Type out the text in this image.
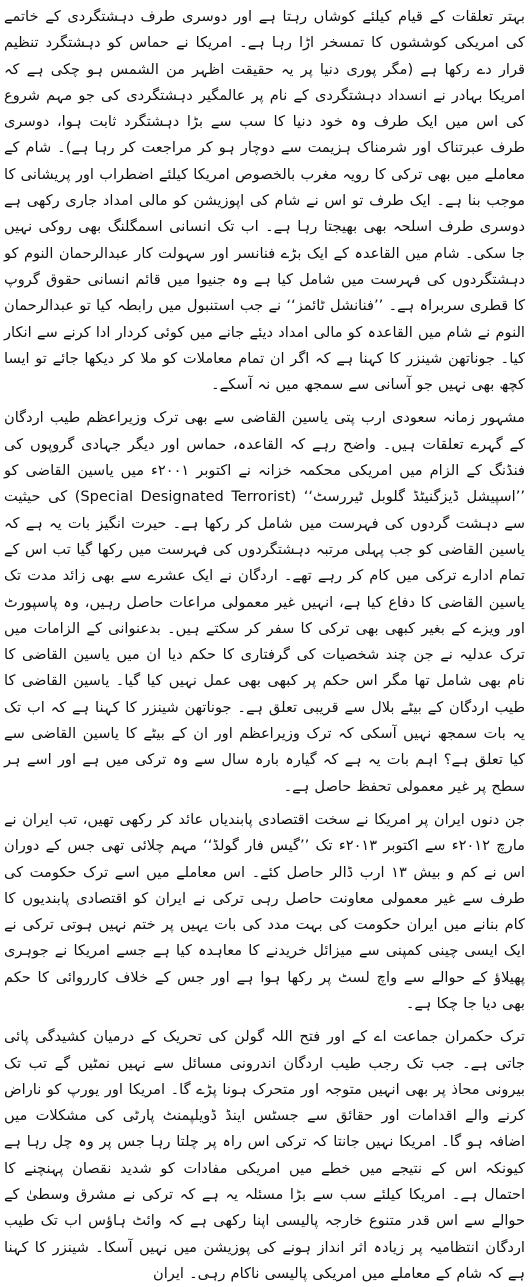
بہتر تعلقات کے قیام کیلئے کوشاں رہتا ہے اور دوسری طرف دہشتگردی کے خاتمے کی امریکی کوششوں کا تمسخر اڑا رہا ہے۔ امریکا نے حماس کو دہشتگرد تنظیم قرار دے رکھا ہے (مگر پوری دنیا پر یہ حقیقت اظہر من الشمس ہو چکی ہے کہ امریکا بہادر نے انسداد دہشتگردی کے نام پر عالمگیر دہشتگردی کی جو مہم شروع کی اس میں ایک طرف وہ خود دنیا کا سب سے بڑا دہشتگرد ثابت ہوا، دوسری طرف عبرتناک اور شرمناک ہزیمت سے دوچار ہو کر مراجعت کر رہا ہے)۔ شام کے معاملے میں بھی ترکی کا رویہ مغرب بالخصوص امریکا کیلئے اضطراب اور پریشانی کا موجب بنا ہے۔ ایک طرف تو اس نے شام کی اپوزیشن کو مالی امداد جاری رکھی ہے دوسری طرف اسلحہ بھی بھیجتا رہا ہے۔ اب تک انسانی اسمگلنگ بھی روکی نہیں جا سکی۔ شام میں القاعدہ کے ایک بڑے فنانسر اور سہولت کار عبدالرحمان النوم کو دہشتگردوں کی فہرست میں شامل کیا ہے وہ جنیوا میں قائم انسانی حقوق گروپ کا قطری سربراہ ہے۔ ’’فنانشل ٹائمز‘‘ نے جب استنبول میں رابطہ کیا تو عبدالرحمان النوم نے شام میں القاعدہ کو مالی امداد دیئے جانے میں کوئی کردار ادا کرنے سے انکار کیا۔ جوناتھن شینزر کا کہنا ہے کہ اگر ان تمام معاملات کو ملا کر دیکھا جائے تو ایسا کچھ بھی نہیں جو آسانی سے سمجھ میں نہ آسکے۔

مشہور زمانہ سعودی ارب پتی یاسین القاضی سے بھی ترک وزیراعظم طیب اردگان کے گہرے تعلقات ہیں۔ واضح رہے کہ القاعدہ، حماس اور دیگر جہادی گروپوں کی فنڈنگ کے الزام میں امریکی محکمہ خزانہ نے اکتوبر ۲۰۰۱ء میں یاسین القاضی کو ’’اسپیشل ڈیزگنیٹڈ گلوبل ٹیررسٹ‘‘ (Special Designated Terrorist) کی حیثیت سے دہشت گردوں کی فہرست میں شامل کر رکھا ہے۔ حیرت انگیز بات یہ ہے کہ یاسین القاضی کو جب پہلی مرتبہ دہشتگردوں کی فہرست میں رکھا گیا تب اس کے تمام ادارے ترکی میں کام کر رہے تھے۔ اردگان نے ایک عشرے سے بھی زائد مدت تک یاسین القاضی کا دفاع کیا ہے، انہیں غیر معمولی مراعات حاصل رہیں، وہ پاسپورٹ اور ویزے کے بغیر کبھی بھی ترکی کا سفر کر سکتے ہیں۔ بدعنوانی کے الزامات میں ترک عدلیہ نے جن چند شخصیات کی گرفتاری کا حکم دیا ان میں یاسین القاضی کا نام بھی شامل تھا مگر اس حکم پر کبھی بھی عمل نہیں کیا گیا۔ یاسین القاضی کا طیب اردگان کے بیٹے بلال سے قریبی تعلق ہے۔ جوناتھن شینزر کا کہنا ہے کہ اب تک یہ بات سمجھ نہیں آسکی کہ ترک وزیراعظم اور ان کے بیٹے کا یاسین القاضی سے کیا تعلق ہے؟ اہم بات یہ ہے کہ گیارہ بارہ سال سے وہ ترکی میں ہے اور اسے ہر سطح پر غیر معمولی تحفظ حاصل ہے۔

جن دنوں ایران پر امریکا نے سخت اقتصادی پابندیاں عائد کر رکھی تھیں، تب ایران نے مارچ ۲۰۱۲ء سے اکتوبر ۲۰۱۳ء تک ’’گیس فار گولڈ‘‘ مہم چلائی تھی جس کے دوران اس نے کم و بیش ۱۳ ارب ڈالر حاصل کئے۔ اس معاملے میں اسے ترک حکومت کی طرف سے غیر معمولی معاونت حاصل رہی ترکی نے ایران کو اقتصادی پابندیوں کا کام بنانے میں ایران حکومت کی بہت مدد کی بات یہیں پر ختم نہیں ہوتی ترکی نے ایک ایسی چینی کمپنی سے میزائل خریدنے کا معاہدہ کیا ہے جسے امریکا نے جوہری پھیلاؤ کے حوالے سے واچ لسٹ پر رکھا ہوا ہے اور جس کے خلاف کارروائی کا حکم بھی دیا جا چکا ہے۔

ترک حکمران جماعت اے کے اور فتح اللہ گولن کی تحریک کے درمیان کشیدگی پائی جاتی ہے۔ جب تک رجب طیب اردگان اندرونی مسائل سے نہیں نمٹیں گے تب تک بیرونی محاذ پر بھی انہیں متوجہ اور متحرک ہونا پڑے گا۔ امریکا اور یورپ کو ناراض کرنے والے اقدامات اور حقائق سے جسٹس اینڈ ڈویلپمنٹ پارٹی کی مشکلات میں اضافہ ہو گا۔ امریکا نہیں جانتا کہ ترکی اس راہ پر چلتا رہا جس پر وہ چل رہا ہے کیونکہ اس کے نتیجے میں خطے میں امریکی مفادات کو شدید نقصان پہنچنے کا احتمال ہے۔ امریکا کیلئے سب سے بڑا مسئلہ یہ ہے کہ ترکی نے مشرق وسطیٰ کے حوالے سے اس قدر متنوع خارجہ پالیسی اپنا رکھی ہے کہ وائٹ ہاؤس اب تک طیب اردگان انتظامیہ پر زیادہ اثر انداز ہونے کی پوزیشن میں نہیں آسکا۔ شینزر کا کہنا ہے کہ شام کے معاملے میں امریکی پالیسی ناکام رہی۔ ایران
